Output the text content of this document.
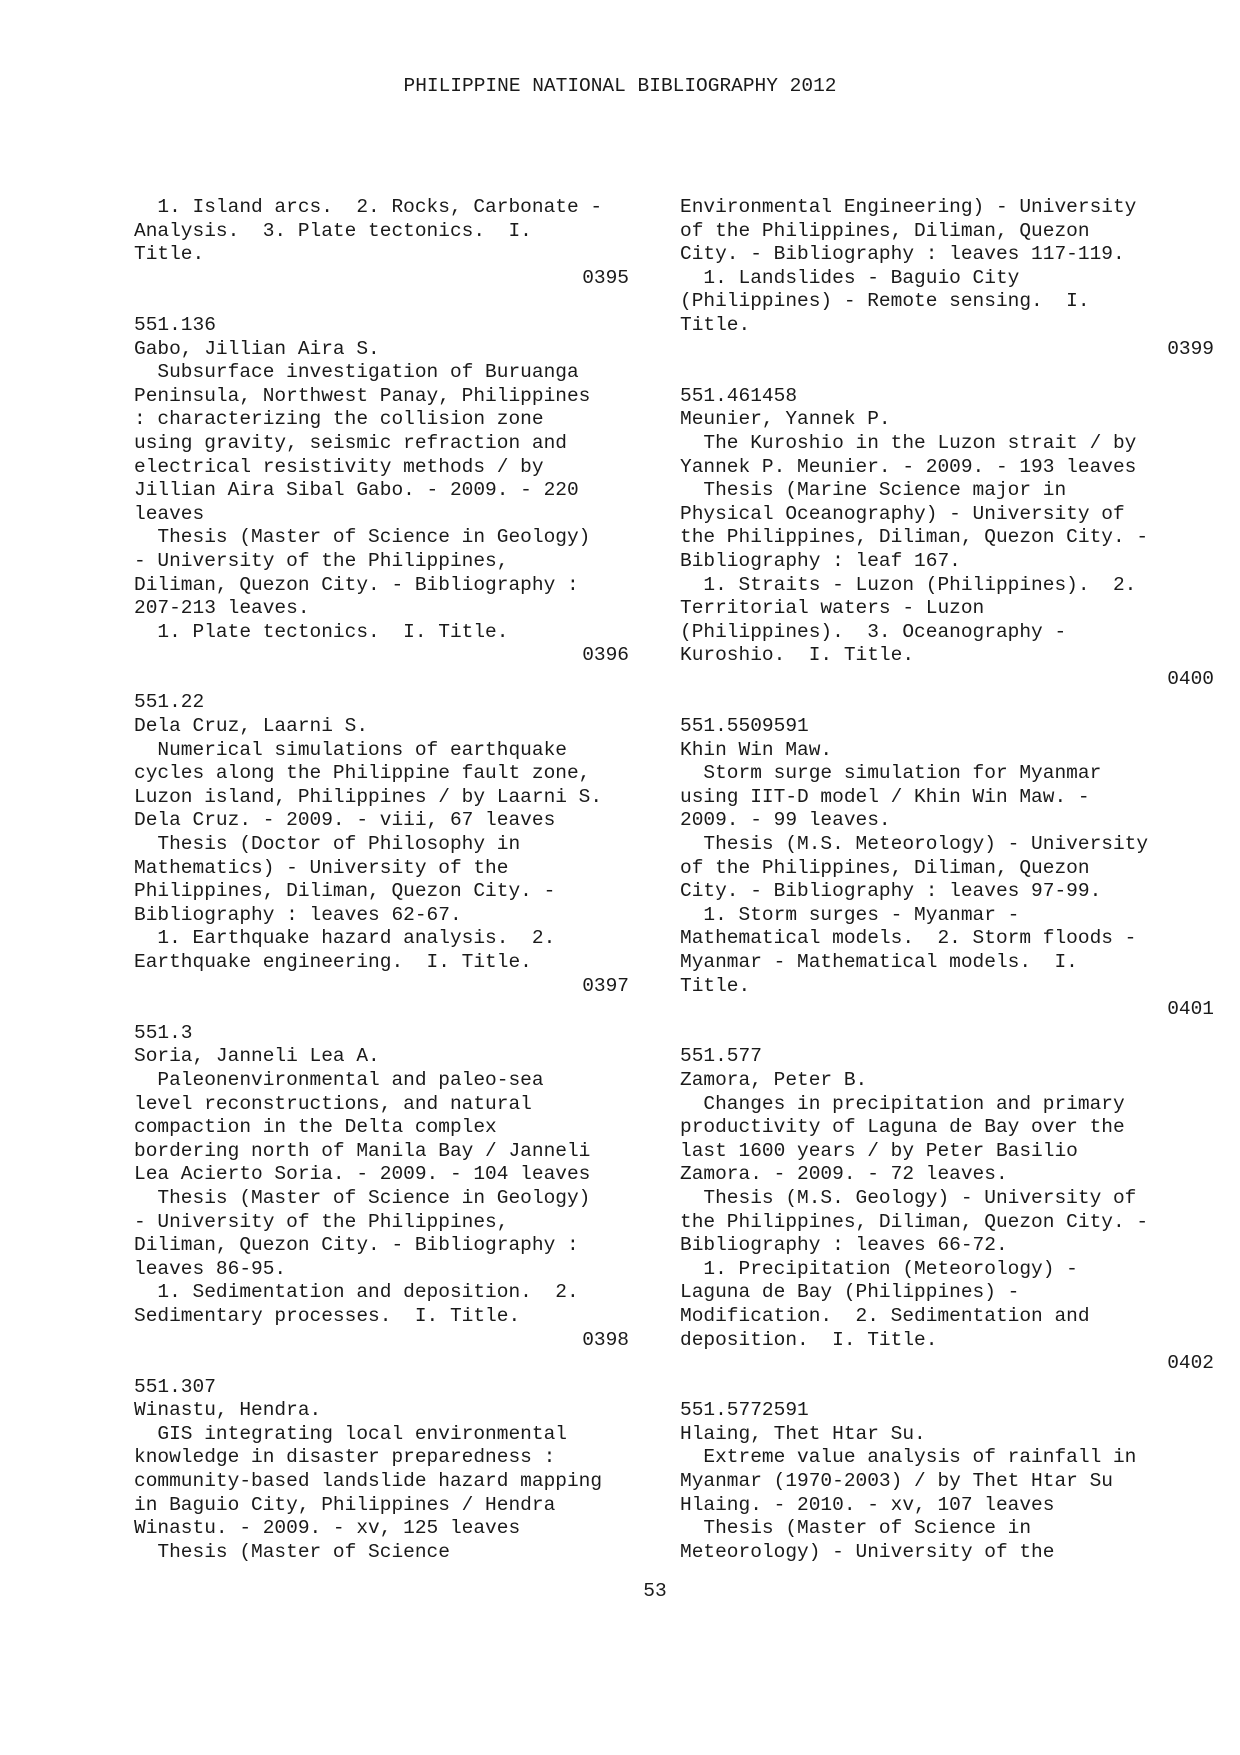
PHILIPPINE NATIONAL BIBLIOGRAPHY 2012
1. Island arcs.  2. Rocks, Carbonate -
Analysis.  3. Plate tectonics.  I.
Title.
0395
551.136
Gabo, Jillian Aira S.
Subsurface investigation of Buruanga
Peninsula, Northwest Panay, Philippines
: characterizing the collision zone
using gravity, seismic refraction and
electrical resistivity methods / by
Jillian Aira Sibal Gabo. - 2009. - 220
leaves
Thesis (Master of Science in Geology)
- University of the Philippines,
Diliman, Quezon City. - Bibliography :
207-213 leaves.
1. Plate tectonics.  I. Title.
0396
551.22
Dela Cruz, Laarni S.
Numerical simulations of earthquake
cycles along the Philippine fault zone,
Luzon island, Philippines / by Laarni S.
Dela Cruz. - 2009. - viii, 67 leaves
Thesis (Doctor of Philosophy in
Mathematics) - University of the
Philippines, Diliman, Quezon City. -
Bibliography : leaves 62-67.
1. Earthquake hazard analysis.  2.
Earthquake engineering.  I. Title.
0397
551.3
Soria, Janneli Lea A.
Paleonenvironmental and paleo-sea
level reconstructions, and natural
compaction in the Delta complex
bordering north of Manila Bay / Janneli
Lea Acierto Soria. - 2009. - 104 leaves
Thesis (Master of Science in Geology)
- University of the Philippines,
Diliman, Quezon City. - Bibliography :
leaves 86-95.
1. Sedimentation and deposition.  2.
Sedimentary processes.  I. Title.
0398
551.307
Winastu, Hendra.
GIS integrating local environmental
knowledge in disaster preparedness :
community-based landslide hazard mapping
in Baguio City, Philippines / Hendra
Winastu. - 2009. - xv, 125 leaves
Thesis (Master of Science
Environmental Engineering) - University
of the Philippines, Diliman, Quezon
City. - Bibliography : leaves 117-119.
1. Landslides - Baguio City
(Philippines) - Remote sensing.  I.
Title.
0399
551.461458
Meunier, Yannek P.
The Kuroshio in the Luzon strait / by
Yannek P. Meunier. - 2009. - 193 leaves
Thesis (Marine Science major in
Physical Oceanography) - University of
the Philippines, Diliman, Quezon City. -
Bibliography : leaf 167.
1. Straits - Luzon (Philippines).  2.
Territorial waters - Luzon
(Philippines).  3. Oceanography -
Kuroshio.  I. Title.
0400
551.5509591
Khin Win Maw.
Storm surge simulation for Myanmar
using IIT-D model / Khin Win Maw. -
2009. - 99 leaves.
Thesis (M.S. Meteorology) - University
of the Philippines, Diliman, Quezon
City. - Bibliography : leaves 97-99.
1. Storm surges - Myanmar -
Mathematical models.  2. Storm floods -
Myanmar - Mathematical models.  I.
Title.
0401
551.577
Zamora, Peter B.
Changes in precipitation and primary
productivity of Laguna de Bay over the
last 1600 years / by Peter Basilio
Zamora. - 2009. - 72 leaves.
Thesis (M.S. Geology) - University of
the Philippines, Diliman, Quezon City. -
Bibliography : leaves 66-72.
1. Precipitation (Meteorology) -
Laguna de Bay (Philippines) -
Modification.  2. Sedimentation and
deposition.  I. Title.
0402
551.5772591
Hlaing, Thet Htar Su.
Extreme value analysis of rainfall in
Myanmar (1970-2003) / by Thet Htar Su
Hlaing. - 2010. - xv, 107 leaves
Thesis (Master of Science in
Meteorology) - University of the
53
